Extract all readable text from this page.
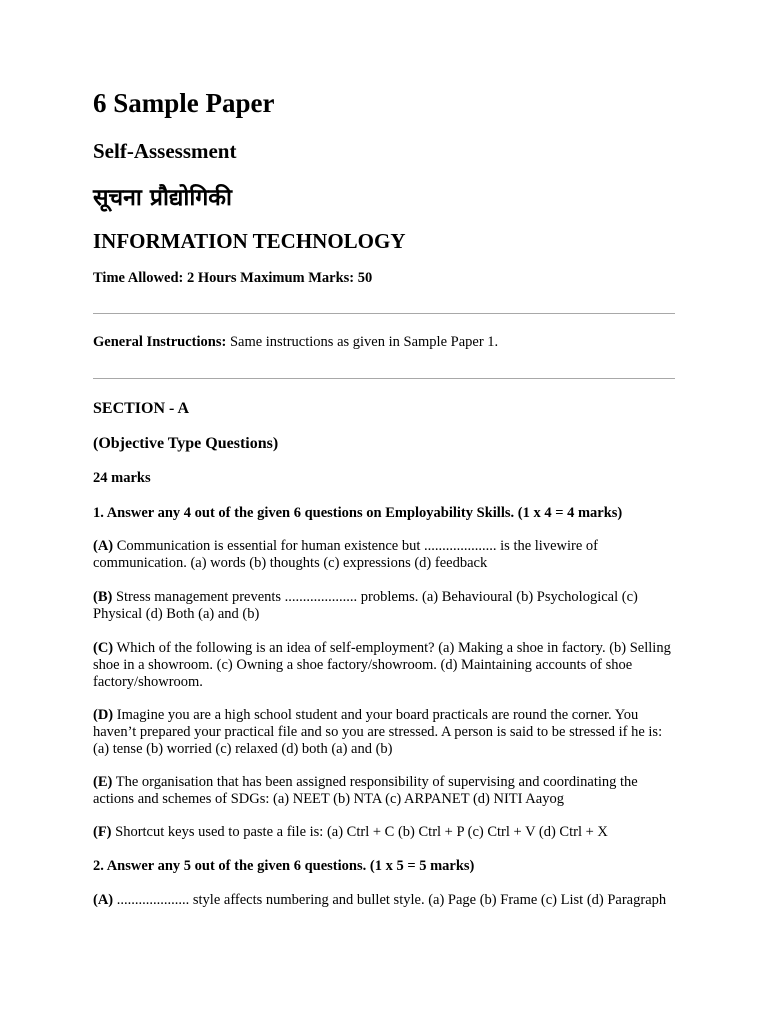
6 Sample Paper
Self-Assessment
सूचना प्रौद्योगिकी
INFORMATION TECHNOLOGY

Time Allowed: 2 Hours Maximum Marks: 50

General Instructions: Same instructions as given in Sample Paper 1.

SECTION - A

(Objective Type Questions)

24 marks

1. Answer any 4 out of the given 6 questions on Employability Skills. (1 x 4 = 4 marks)

(A) Communication is essential for human existence but .................... is the livewire of communication. (a) words (b) thoughts (c) expressions (d) feedback

(B) Stress management prevents .................... problems. (a) Behavioural (b) Psychological (c) Physical (d) Both (a) and (b)

(C) Which of the following is an idea of self-employment? (a) Making a shoe in factory. (b) Selling shoe in a showroom. (c) Owning a shoe factory/showroom. (d) Maintaining accounts of shoe factory/showroom.

(D) Imagine you are a high school student and your board practicals are round the corner. You haven’t prepared your practical file and so you are stressed. A person is said to be stressed if he is: (a) tense (b) worried (c) relaxed (d) both (a) and (b)

(E) The organisation that has been assigned responsibility of supervising and coordinating the actions and schemes of SDGs: (a) NEET (b) NTA (c) ARPANET (d) NITI Aayog

(F) Shortcut keys used to paste a file is: (a) Ctrl + C (b) Ctrl + P (c) Ctrl + V (d) Ctrl + X

2. Answer any 5 out of the given 6 questions. (1 x 5 = 5 marks)

(A) .................... style affects numbering and bullet style. (a) Page (b) Frame (c) List (d) Paragraph
